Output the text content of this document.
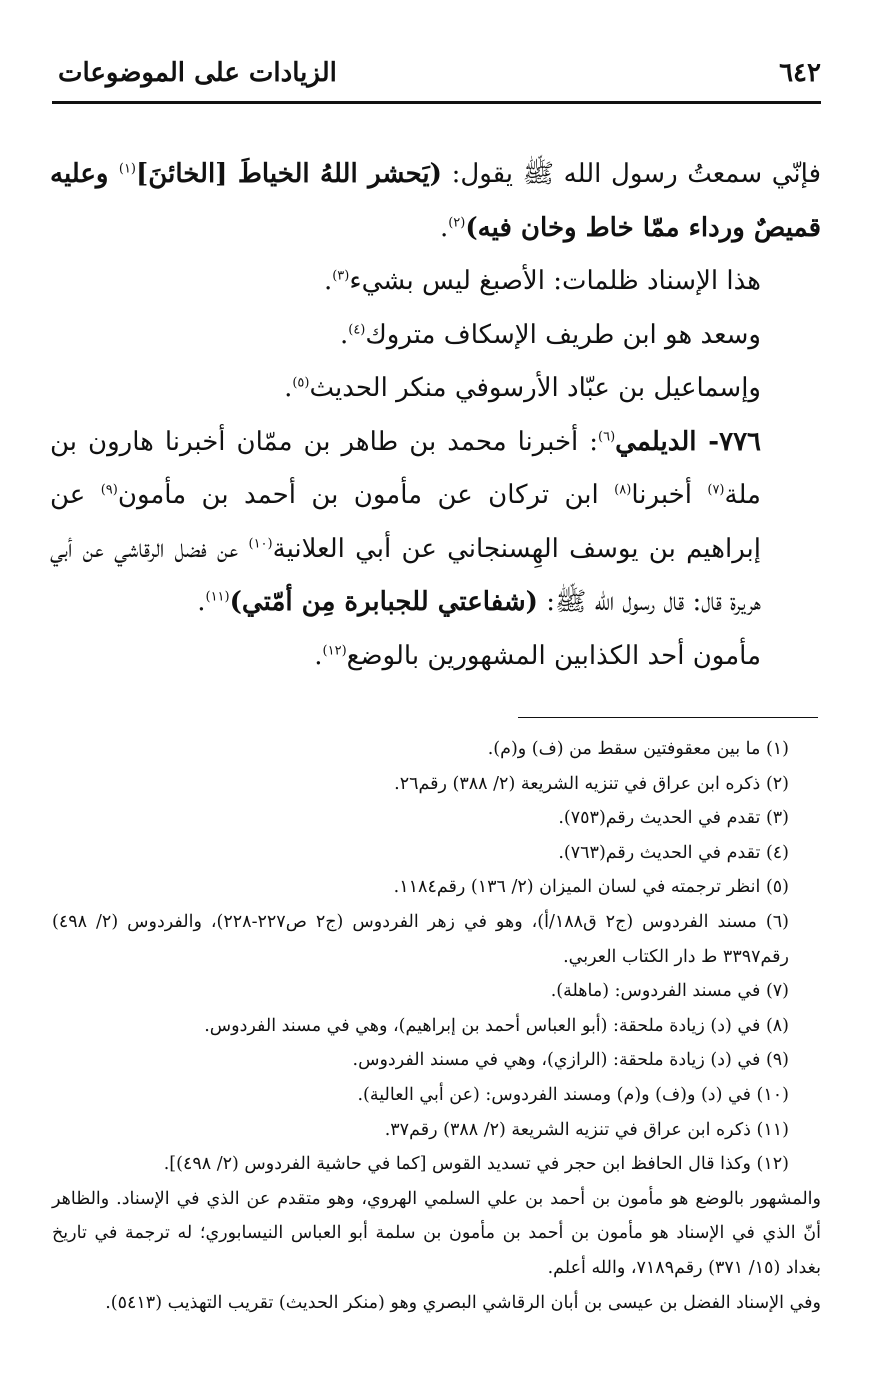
٦٤٢
الزيادات على الموضوعات

فإنّي سمعتُ رسول الله ﷺ يقول: (يَحشر اللهُ الخياطَ [الخائنَ]$^{(١)}$ وعليه قميصٌ ورداء ممّا خاط وخان فيه)$^{(٢)}$.

هذا الإسناد ظلمات: الأصبغ ليس بشيء$^{(٣)}$.

وسعد هو ابن طريف الإسكاف متروك$^{(٤)}$.

وإسماعيل بن عبّاد الأرسوفي منكر الحديث$^{(٥)}$.

٧٧٦- الديلمي$^{(٦)}$: أخبرنا محمد بن طاهر بن ممّان أخبرنا هارون بن ملة$^{(٧)}$ أخبرنا$^{(٨)}$ ابن تركان عن مأمون بن أحمد بن مأمون$^{(٩)}$ عن إبراهيم بن يوسف الهِسنجاني عن أبي العلانية$^{(١٠)}$ عن فضل الرقاشي عن أبي هريرة قال: قال رسول الله ﷺ: (شفاعتي للجبابرة مِن أمّتي)$^{(١١)}$.

مأمون أحد الكذابين المشهورين بالوضع$^{(١٢)}$.

(١) ما بين معقوفتين سقط من (ف) و(م).

(٢) ذكره ابن عراق في تنزيه الشريعة (٢/ ٣٨٨) رقم٢٦.

(٣) تقدم في الحديث رقم(٧٥٣).

(٤) تقدم في الحديث رقم(٧٦٣).

(٥) انظر ترجمته في لسان الميزان (٢/ ١٣٦) رقم١١٨٤.

(٦) مسند الفردوس (ج٢ ق١٨٨/أ)، وهو في زهر الفردوس (ج٢ ص٢٢٧-٢٢٨)، والفردوس (٢/ ٤٩٨) رقم٣٣٩٧ ط دار الكتاب العربي.

(٧) في مسند الفردوس: (ماهلة).

(٨) في (د) زيادة ملحقة: (أبو العباس أحمد بن إبراهيم)، وهي في مسند الفردوس.

(٩) في (د) زيادة ملحقة: (الرازي)، وهي في مسند الفردوس.

(١٠) في (د) و(ف) و(م) ومسند الفردوس: (عن أبي العالية).

(١١) ذكره ابن عراق في تنزيه الشريعة (٢/ ٣٨٨) رقم٣٧.

(١٢) وكذا قال الحافظ ابن حجر في تسديد القوس [كما في حاشية الفردوس (٢/ ٤٩٨)].

والمشهور بالوضع هو مأمون بن أحمد بن علي السلمي الهروي، وهو متقدم عن الذي في الإسناد. والظاهر أنّ الذي في الإسناد هو مأمون بن أحمد بن مأمون بن سلمة أبو العباس النيسابوري؛ له ترجمة في تاريخ بغداد (١٥/ ٣٧١) رقم٧١٨٩، والله أعلم.

وفي الإسناد الفضل بن عيسى بن أبان الرقاشي البصري وهو (منكر الحديث) تقريب التهذيب (٥٤١٣).
